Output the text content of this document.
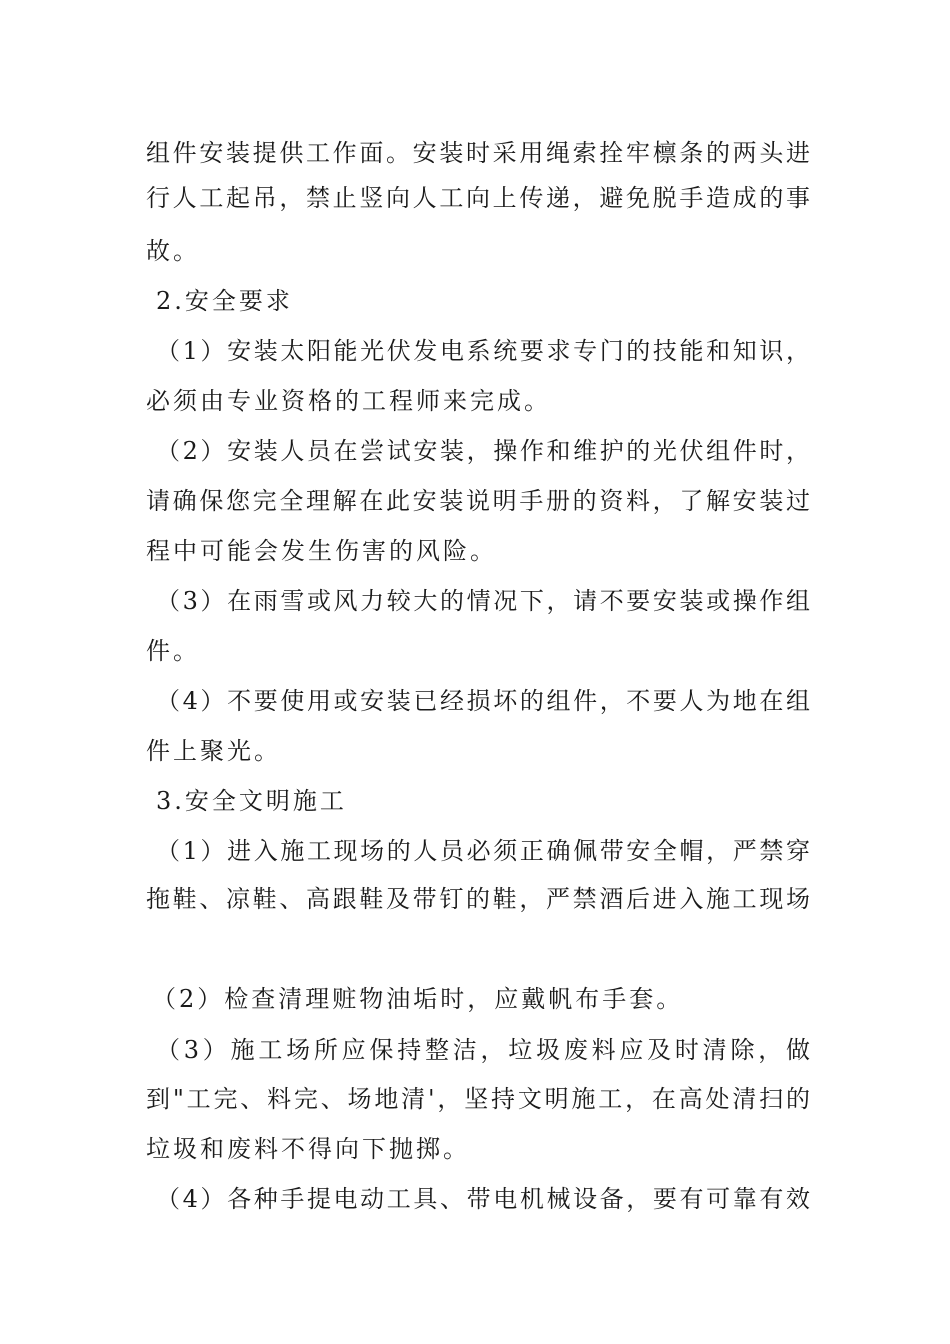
组件安装提供工作面。安装时采用绳索拴牢檩条的两头进
行人工起吊，禁止竖向人工向上传递，避免脱手造成的事
故。
2.安全要求
（1）安装太阳能光伏发电系统要求专门的技能和知识，
必须由专业资格的工程师来完成。
（2）安装人员在尝试安装，操作和维护的光伏组件时，
请确保您完全理解在此安装说明手册的资料，了解安装过
程中可能会发生伤害的风险。
（3）在雨雪或风力较大的情况下，请不要安装或操作组
件。
（4）不要使用或安装已经损坏的组件，不要人为地在组
件上聚光。
3.安全文明施工
（1）进入施工现场的人员必须正确佩带安全帽，严禁穿
拖鞋、凉鞋、高跟鞋及带钉的鞋，严禁酒后进入施工现场
（2）检查清理赃物油垢时，应戴帆布手套。
（3）施工场所应保持整洁，垃圾废料应及时清除，做
到"工完、料完、场地清'，坚持文明施工，在高处清扫的
垃圾和废料不得向下抛掷。
（4）各种手提电动工具、带电机械设备，要有可靠有效
